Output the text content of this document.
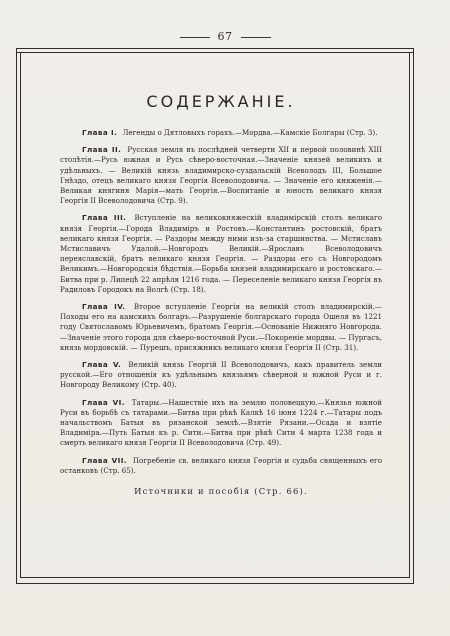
67
СОДЕРЖАНIЕ.

Глава I. Легенды о Дятловыхъ горахъ.—Мордва.—Камскiе Болгары (Стр. 3).

Глава II. Русская земля въ послѣдней четверти XII и первой половинѣ XIII столѣтiя.—Русь южная и Русь сѣверо-восточная.—Значенiе князей великихъ и удѣльныхъ. — Великiй князь владимирско-суздальскiй Всеволодъ III, Большое Гнѣздо, отецъ великаго князя Георгiя Всеволодовича. — Значенiе его княженiя.—Великая княгиня Марiя—мать Георгiя.—Воспитанiе и юность великаго князя Георгiя II Всеволодовича (Стр. 9).

Глава III. Вступленiе на великокняжескiй владимiрскiй столъ великаго князя Георгiя.—Города Владимiръ и Ростовъ.—Константинъ ростовскiй, братъ великаго князя Георгiя. — Раздоры между ними изъ-за старшинства. — Мстиславъ Мстиславичъ Удалой.—Новгородъ Великiй.—Ярославъ Всеволодовичъ переяславскiй, братъ великаго князя Георгiя. — Раздоры его съ Новгородомъ Великимъ.—Новгородскiя бѣдствiя.—Борьба князей владимирскаго и ростовскаго.—Битва при р. Липецѣ 22 апрѣля 1216 года. — Переселенiе великаго князя Георгiя въ Радиловъ Городокъ на Волгѣ (Стр. 18).

Глава IV. Второе вступленiе Георгiя на великiй столъ владимирскiй.—Походы его на камскихъ болгаръ.—Разрушенiе болгарскаго города Ошеля въ 1221 году Святославомъ Юрьевичемъ, братомъ Георгiя.—Основанiе Нижняго Новгорода.—Значенiе этого города для сѣверо-восточной Руси.—Покоренiе мордвы. — Пургасъ, князь мордовскiй. — Пурешъ, присяжникъ великаго князя Георгiя II (Стр. 31).

Глава V. Великiй князь Георгiй II Всеволодовичъ, какъ правитель земли русской.—Его отношенiя къ удѣльнымъ князьямъ сѣверной и южной Руси и г. Новгороду Великому (Стр. 40).

Глава VI. Татары.—Нашествiе ихъ на землю половецкую.—Князья южной Руси въ борьбѣ съ татарами.—Битва при рѣкѣ Калкѣ 16 iюня 1224 г.—Татары подъ начальствомъ Батыя въ рязанской землѣ.—Взятiе Рязани.—Осада и взятiе Владимiра.—Путь Батыя къ р. Сити.—Битва при рѣкѣ Сити 4 марта 1238 года и смерть великаго князя Георгiя II Всеволодовича (Стр. 49).

Глава VII. Погребенiе св. великаго князя Георгiя и судьба священныхъ его останковъ (Стр. 65).

Источники и пособiя (Стр. 66).
